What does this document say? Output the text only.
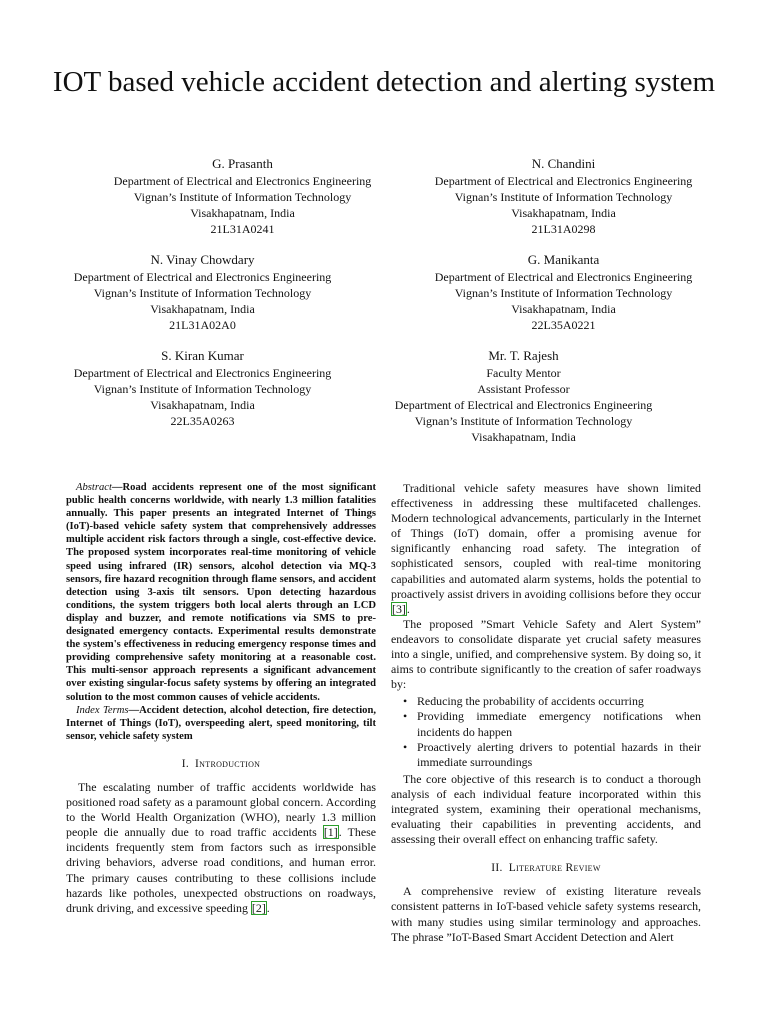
IOT based vehicle accident detection and alerting system
G. Prasanth
Department of Electrical and Electronics Engineering
Vignan’s Institute of Information Technology
Visakhapatnam, India
21L31A0241
N. Chandini
Department of Electrical and Electronics Engineering
Vignan’s Institute of Information Technology
Visakhapatnam, India
21L31A0298
N. Vinay Chowdary
Department of Electrical and Electronics Engineering
Vignan’s Institute of Information Technology
Visakhapatnam, India
21L31A02A0
G. Manikanta
Department of Electrical and Electronics Engineering
Vignan’s Institute of Information Technology
Visakhapatnam, India
22L35A0221
S. Kiran Kumar
Department of Electrical and Electronics Engineering
Vignan’s Institute of Information Technology
Visakhapatnam, India
22L35A0263
Mr. T. Rajesh
Faculty Mentor
Assistant Professor
Department of Electrical and Electronics Engineering
Vignan’s Institute of Information Technology
Visakhapatnam, India

Abstract—Road accidents represent one of the most significant public health concerns worldwide, with nearly 1.3 million fatalities annually. This paper presents an integrated Internet of Things (IoT)-based vehicle safety system that comprehensively addresses multiple accident risk factors through a single, cost-effective device. The proposed system incorporates real-time monitoring of vehicle speed using infrared (IR) sensors, alcohol detection via MQ-3 sensors, fire hazard recognition through flame sensors, and accident detection using 3-axis tilt sensors. Upon detecting hazardous conditions, the system triggers both local alerts through an LCD display and buzzer, and remote notifications via SMS to pre-designated emergency contacts. Experimental results demonstrate the system's effectiveness in reducing emergency response times and providing comprehensive safety monitoring at a reasonable cost. This multi-sensor approach represents a significant advancement over existing singular-focus safety systems by offering an integrated solution to the most common causes of vehicle accidents.

Index Terms—Accident detection, alcohol detection, fire detection, Internet of Things (IoT), overspeeding alert, speed monitoring, tilt sensor, vehicle safety system

I. Introduction

The escalating number of traffic accidents worldwide has positioned road safety as a paramount global concern. According to the World Health Organization (WHO), nearly 1.3 million people die annually due to road traffic accidents [1]. These incidents frequently stem from factors such as irresponsible driving behaviors, adverse road conditions, and human error. The primary causes contributing to these collisions include hazards like potholes, unexpected obstructions on roadways, drunk driving, and excessive speeding [2].

Traditional vehicle safety measures have shown limited effectiveness in addressing these multifaceted challenges. Modern technological advancements, particularly in the Internet of Things (IoT) domain, offer a promising avenue for significantly enhancing road safety. The integration of sophisticated sensors, coupled with real-time monitoring capabilities and automated alarm systems, holds the potential to proactively assist drivers in avoiding collisions before they occur [3].

The proposed ”Smart Vehicle Safety and Alert System” endeavors to consolidate disparate yet crucial safety measures into a single, unified, and comprehensive system. By doing so, it aims to contribute significantly to the creation of safer roadways by:

• Reducing the probability of accidents occurring
• Providing immediate emergency notifications when incidents do happen
• Proactively alerting drivers to potential hazards in their immediate surroundings

The core objective of this research is to conduct a thorough analysis of each individual feature incorporated within this integrated system, examining their operational mechanisms, evaluating their capabilities in preventing accidents, and assessing their overall effect on enhancing traffic safety.

II. Literature Review

A comprehensive review of existing literature reveals consistent patterns in IoT-based vehicle safety systems research, with many studies using similar terminology and approaches. The phrase ”IoT-Based Smart Accident Detection and Alert
